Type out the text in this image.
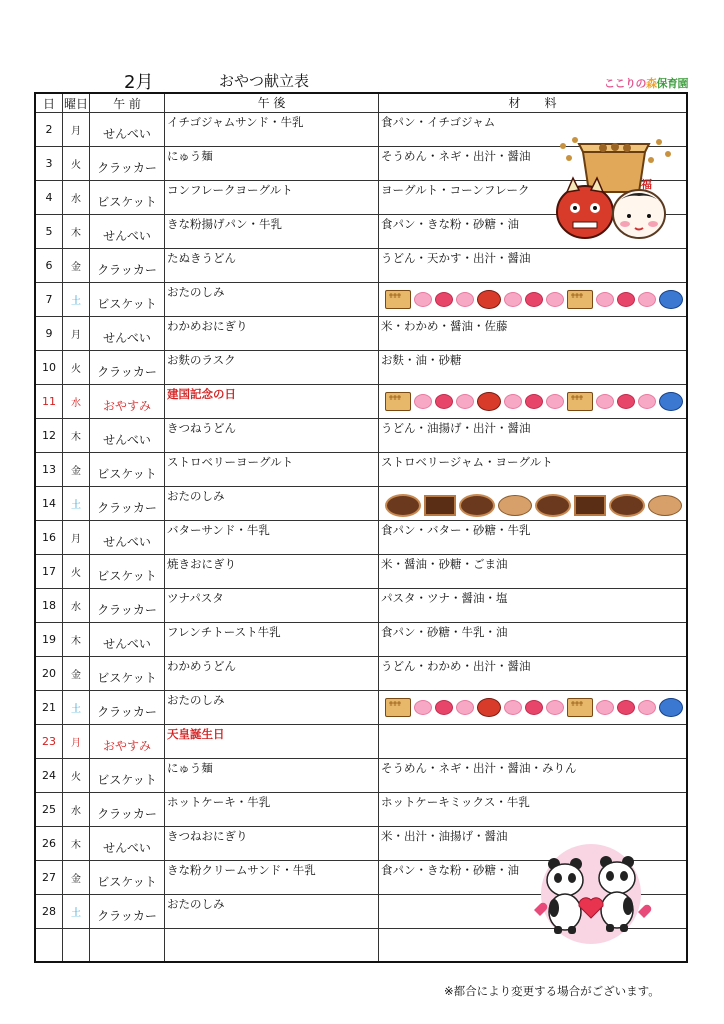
2月	おやつ献立表	ここりの森保育園
日	曜日	午 前	午 後	材　　料
2	月	せんべい	イチゴジャムサンド・牛乳	食パン・イチゴジャム

3	火	クラッカー	にゅう麺	そうめん・ネギ・出汁・醤油

4	水	ビスケット	コンフレークヨーグルト	ヨーグルト・コーンフレーク

5	木	せんべい	きな粉揚げパン・牛乳	食パン・きな粉・砂糖・油

6	金	クラッカー	たぬきうどん	うどん・天かす・出汁・醤油

7	土	ビスケット	おたのしみ	

9	月	せんべい	わかめおにぎり	米・わかめ・醤油・佐藤

10	火	クラッカー	お麩のラスク	お麩・油・砂糖

11	水	おやすみ	建国記念の日	

12	木	せんべい	きつねうどん	うどん・油揚げ・出汁・醤油

13	金	ビスケット	ストロベリーヨーグルト	ストロベリージャム・ヨーグルト

14	土	クラッカー	おたのしみ	

16	月	せんべい	バターサンド・牛乳	食パン・バター・砂糖・牛乳

17	火	ビスケット	焼きおにぎり	米・醤油・砂糖・ごま油

18	水	クラッカー	ツナパスタ	パスタ・ツナ・醤油・塩

19	木	せんべい	フレンチトースト牛乳	食パン・砂糖・牛乳・油

20	金	ビスケット	わかめうどん	うどん・わかめ・出汁・醤油

21	土	クラッカー	おたのしみ	

23	月	おやすみ	天皇誕生日	

24	火	ビスケット	にゅう麺	そうめん・ネギ・出汁・醤油・みりん

25	水	クラッカー	ホットケーキ・牛乳	ホットケーキミックス・牛乳

26	木	せんべい	きつねおにぎり	米・出汁・油揚げ・醤油

27	金	ビスケット	きな粉クリームサンド・牛乳	食パン・きな粉・砂糖・油

28	土	クラッカー	おたのしみ	

福
※都合により変更する場合がございます。
